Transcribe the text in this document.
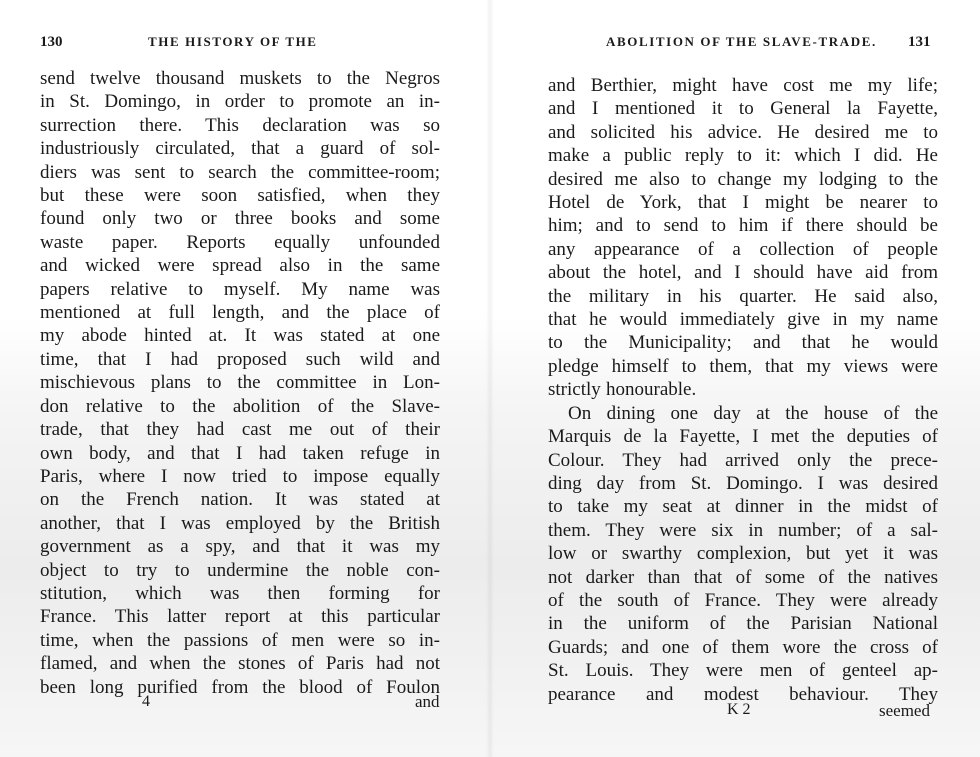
130	THE HISTORY OF THE
send twelve thousand muskets to the Negros
in St. Domingo, in order to promote an in-
surrection there. This declaration was so
industriously circulated, that a guard of sol-
diers was sent to search the committee-room;
but these were soon satisfied, when they
found only two or three books and some
waste paper. Reports equally unfounded
and wicked were spread also in the same
papers relative to myself. My name was
mentioned at full length, and the place of
my abode hinted at. It was stated at one
time, that I had proposed such wild and
mischievous plans to the committee in Lon-
don relative to the abolition of the Slave-
trade, that they had cast me out of their
own body, and that I had taken refuge in
Paris, where I now tried to impose equally
on the French nation. It was stated at
another, that I was employed by the British
government as a spy, and that it was my
object to try to undermine the noble con-
stitution, which was then forming for
France. This latter report at this particular
time, when the passions of men were so in-
flamed, and when the stones of Paris had not
been long purified from the blood of Foulon
4	and
ABOLITION OF THE SLAVE-TRADE. 131
and Berthier, might have cost me my life;
and I mentioned it to General la Fayette,
and solicited his advice. He desired me to
make a public reply to it: which I did. He
desired me also to change my lodging to the
Hotel de York, that I might be nearer to
him; and to send to him if there should be
any appearance of a collection of people
about the hotel, and I should have aid from
the military in his quarter. He said also,
that he would immediately give in my name
to the Municipality; and that he would
pledge himself to them, that my views were
strictly honourable.
On dining one day at the house of the
Marquis de la Fayette, I met the deputies of
Colour. They had arrived only the prece-
ding day from St. Domingo. I was desired
to take my seat at dinner in the midst of
them. They were six in number; of a sal-
low or swarthy complexion, but yet it was
not darker than that of some of the natives
of the south of France. They were already
in the uniform of the Parisian National
Guards; and one of them wore the cross of
St. Louis. They were men of genteel ap-
pearance and modest behaviour. They
K 2	seemed
